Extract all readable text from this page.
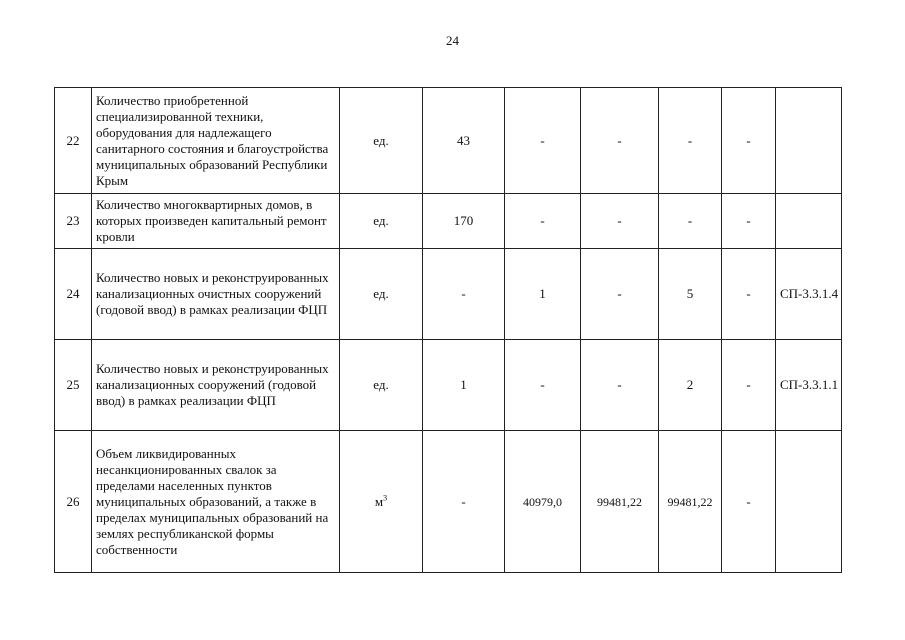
24
22	Количество приобретенной специализированной техники, оборудования для надлежащего санитарного состояния и благоустройства муниципальных образований Республики Крым	ед.	43	-	-	-	-	
23	Количество многоквартирных домов, в которых произведен капитальный ремонт кровли	ед.	170	-	-	-	-	
24	Количество новых и реконструированных канализационных очистных сооружений (годовой ввод) в рамках реализации ФЦП	ед.	-	1	-	5	-	СП-3.3.1.4
25	Количество новых и реконструированных канализационных сооружений (годовой ввод) в рамках реализации ФЦП	ед.	1	-	-	2	-	СП-3.3.1.1
26	Объем ликвидированных несанкционированных свалок за пределами населенных пунктов муниципальных образований, а также в пределах муниципальных образований на землях республиканской формы собственности	$м^3$	-	40979,0	99481,22	99481,22	-	
